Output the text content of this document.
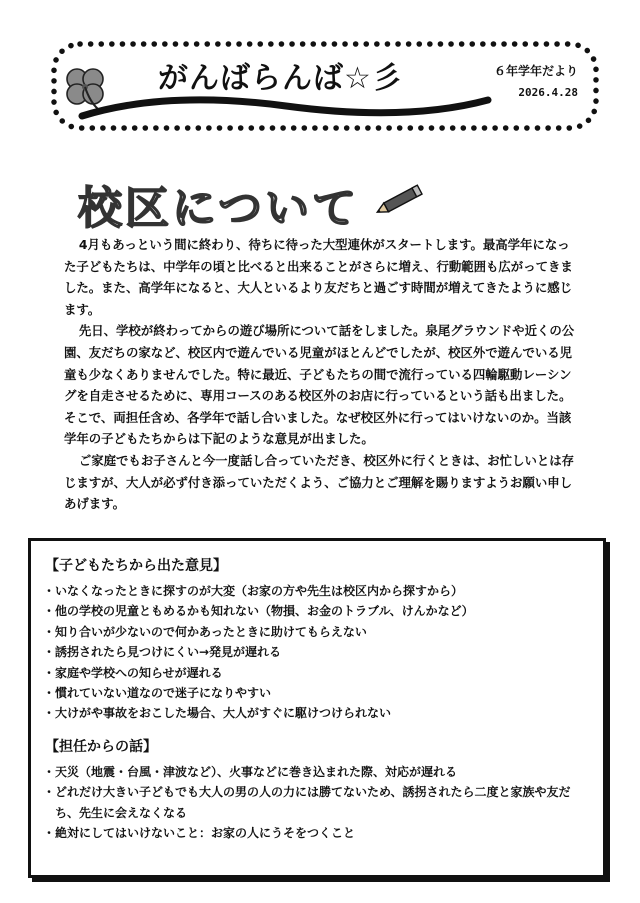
がんばらんば☆彡	６年学年だより
2026.4.28
校区について

4月もあっという間に終わり、待ちに待った大型連休がスタートします。最高学年になった子どもたちは、中学年の頃と比べると出来ることがさらに増え、行動範囲も広がってきました。また、高学年になると、大人といるより友だちと過ごす時間が増えてきたように感じます。

先日、学校が終わってからの遊び場所について話をしました。泉尾グラウンドや近くの公園、友だちの家など、校区内で遊んでいる児童がほとんどでしたが、校区外で遊んでいる児童も少なくありませんでした。特に最近、子どもたちの間で流行っている四輪駆動レーシングを自走させるために、専用コースのある校区外のお店に行っているという話も出ました。そこで、両担任含め、各学年で話し合いました。なぜ校区外に行ってはいけないのか。当該学年の子どもたちからは下記のような意見が出ました。

ご家庭でもお子さんと今一度話し合っていただき、校区外に行くときは、お忙しいとは存じますが、大人が必ず付き添っていただくよう、ご協力とご理解を賜りますようお願い申しあげます。

【子どもたちから出た意見】
・ いなくなったときに探すのが大変（お家の方や先生は校区内から探すから）
・ 他の学校の児童ともめるかも知れない（物損、お金のトラブル、けんかなど）
・ 知り合いが少ないので何かあったときに助けてもらえない
・ 誘拐されたら見つけにくい→発見が遅れる
・ 家庭や学校への知らせが遅れる
・ 慣れていない道なので迷子になりやすい
・ 大けがや事故をおこした場合、大人がすぐに駆けつけられない
【担任からの話】
・ 天災（地震・台風・津波など）、火事などに巻き込まれた際、対応が遅れる
・ どれだけ大きい子どもでも大人の男の人の力には勝てないため、誘拐されたら二度と家族や友だち、先生に会えなくなる
・ 絶対にしてはいけないこと：お家の人にうそをつくこと
